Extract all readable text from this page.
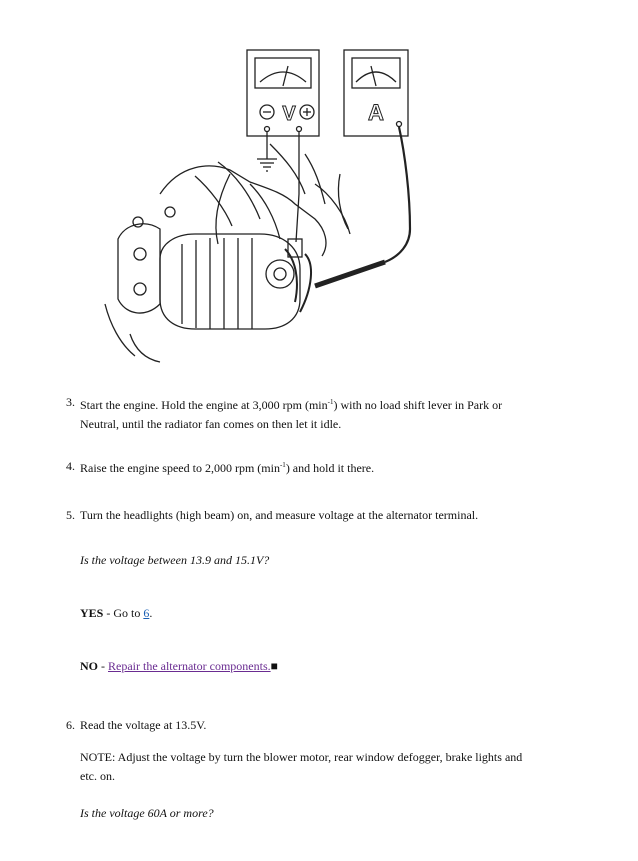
V	A
3. Start the engine. Hold the engine at 3,000 rpm $(\min^{-1})$ with no load shift lever in Park or
Neutral, until the radiator fan comes on then let it idle.
4. Raise the engine speed to 2,000 rpm $(\min^{-1})$ and hold it there.
5. Turn the headlights (high beam) on, and measure voltage at the alternator terminal.
Is the voltage between 13.9 and 15.1V?
YES - Go to 6.
NO - Repair the alternator components.■
6. Read the voltage at 13.5V.
NOTE: Adjust the voltage by turn the blower motor, rear window defogger, brake lights and
etc. on.
Is the voltage 60A or more?
